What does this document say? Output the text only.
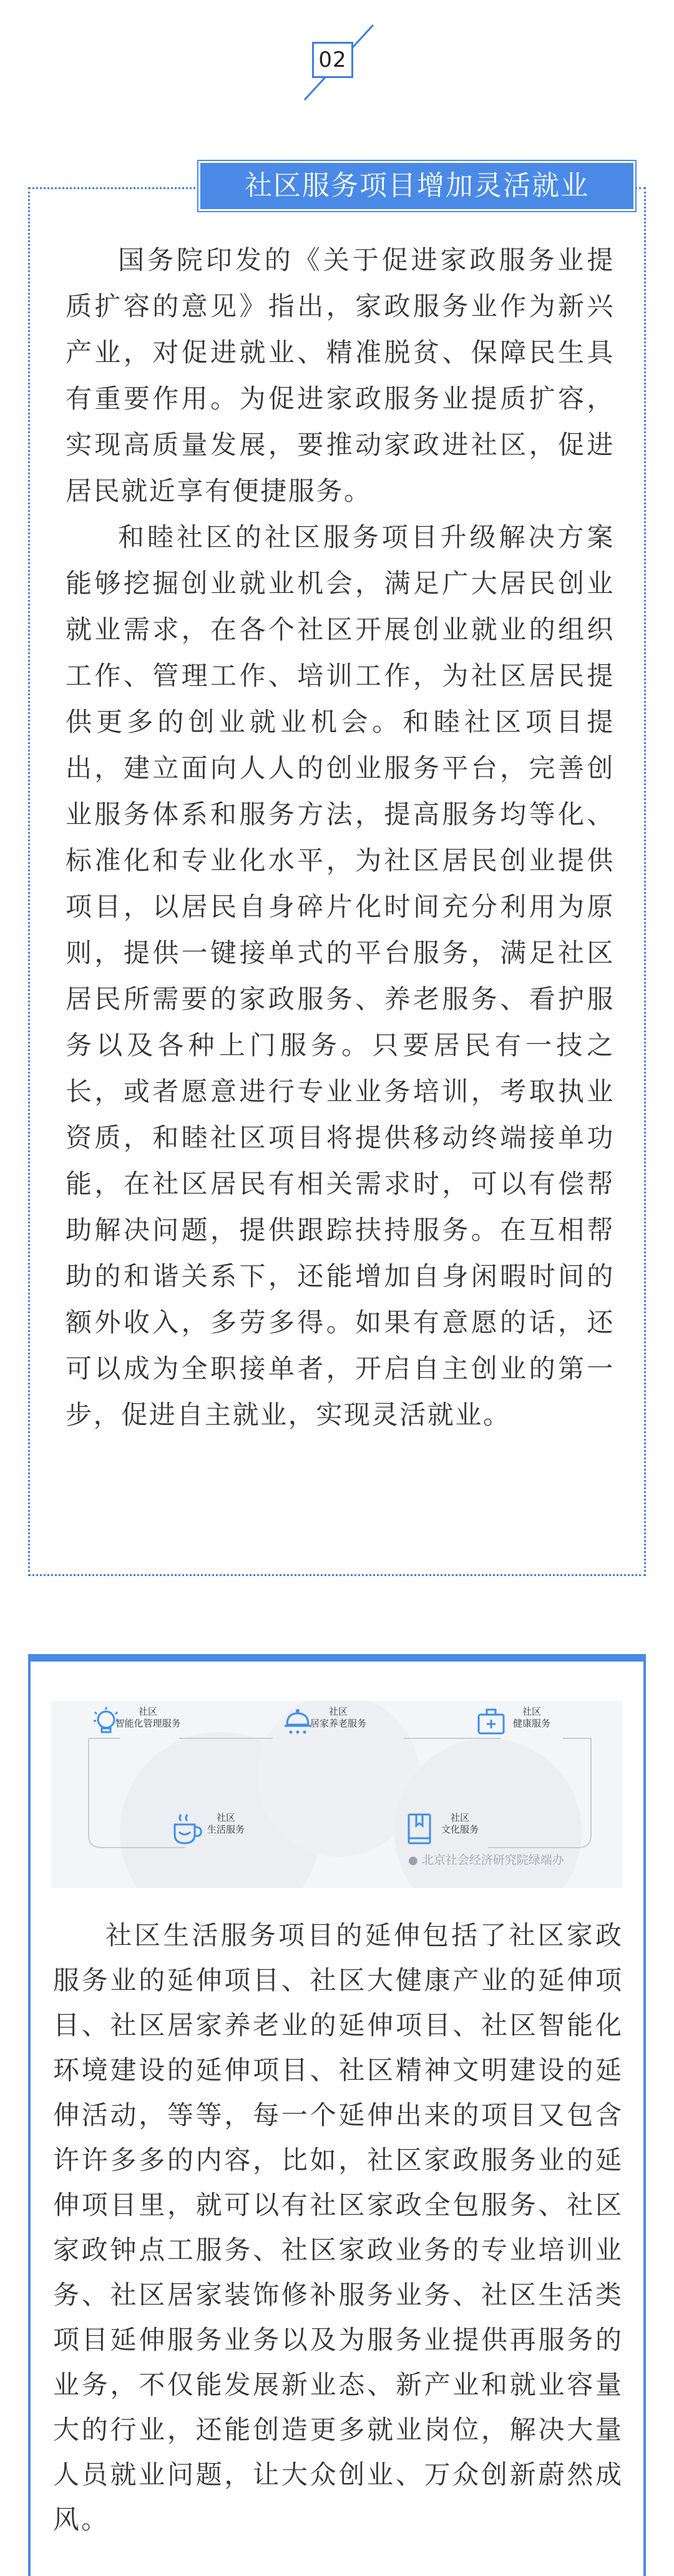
02
社区服务项目增加灵活就业

国务院印发的《关于促进家政服务业提质扩容的意见》指出，家政服务业作为新兴产业，对促进就业、精准脱贫、保障民生具有重要作用。为促进家政服务业提质扩容，实现高质量发展，要推动家政进社区，促进居民就近享有便捷服务。

和睦社区的社区服务项目升级解决方案能够挖掘创业就业机会，满足广大居民创业就业需求，在各个社区开展创业就业的组织工作、管理工作、培训工作，为社区居民提供更多的创业就业机会。和睦社区项目提出，建立面向人人的创业服务平台，完善创业服务体系和服务方法，提高服务均等化、标准化和专业化水平，为社区居民创业提供项目，以居民自身碎片化时间充分利用为原则，提供一键接单式的平台服务，满足社区居民所需要的家政服务、养老服务、看护服务以及各种上门服务。只要居民有一技之长，或者愿意进行专业业务培训，考取执业资质，和睦社区项目将提供移动终端接单功能，在社区居民有相关需求时，可以有偿帮助解决问题，提供跟踪扶持服务。在互相帮助的和谐关系下，还能增加自身闲暇时间的额外收入，多劳多得。如果有意愿的话，还可以成为全职接单者，开启自主创业的第一步，促进自主就业，实现灵活就业。

社区
智能化管理服务
社区
居家养老服务
社区
健康服务
社区
生活服务
社区
文化服务
● 北京社会经济研究院绿端办

社区生活服务项目的延伸包括了社区家政服务业的延伸项目、社区大健康产业的延伸项目、社区居家养老业的延伸项目、社区智能化环境建设的延伸项目、社区精神文明建设的延伸活动，等等，每一个延伸出来的项目又包含许许多多的内容，比如，社区家政服务业的延伸项目里，就可以有社区家政全包服务、社区家政钟点工服务、社区家政业务的专业培训业务、社区居家装饰修补服务业务、社区生活类项目延伸服务业务以及为服务业提供再服务的业务，不仅能发展新业态、新产业和就业容量大的行业，还能创造更多就业岗位，解决大量人员就业问题，让大众创业、万众创新蔚然成风。
